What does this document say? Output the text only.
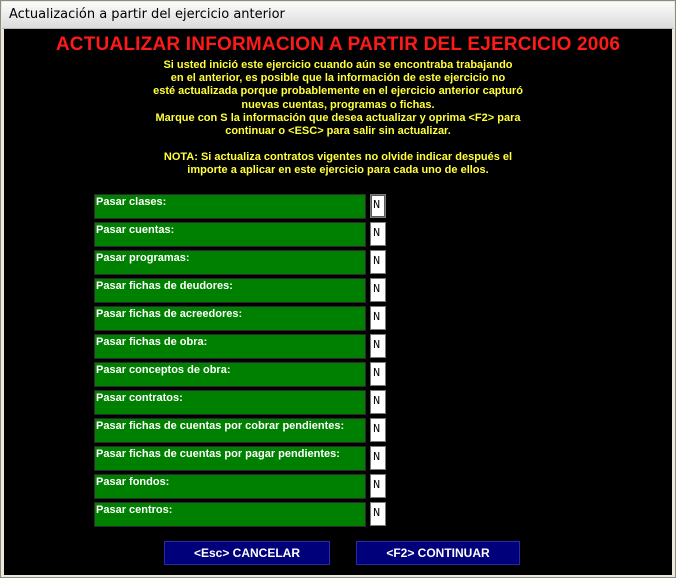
Actualización a partir del ejercicio anterior
ACTUALIZAR INFORMACION A PARTIR DEL EJERCICIO 2006
Si usted inició este ejercicio cuando aún se encontraba trabajando
en el anterior, es posible que la información de este ejercicio no
esté actualizada porque probablemente en el ejercicio anterior capturó
nuevas cuentas, programas o fichas.
Marque con S la información que desea actualizar y oprima <F2> para
continuar o <ESC> para salir sin actualizar.
NOTA: Si actualiza contratos vigentes no olvide indicar después el
importe a aplicar en este ejercicio para cada uno de ellos.
Pasar clases:	N
Pasar cuentas:	N
Pasar programas:	N
Pasar fichas de deudores:	N
Pasar fichas de acreedores:	N
Pasar fichas de obra:	N
Pasar conceptos de obra:	N
Pasar contratos:	N
Pasar fichas de cuentas por cobrar pendientes: N
Pasar fichas de cuentas por pagar pendientes:	N
Pasar fondos:	N
Pasar centros:	N
<Esc> CANCELAR	<F2> CONTINUAR
